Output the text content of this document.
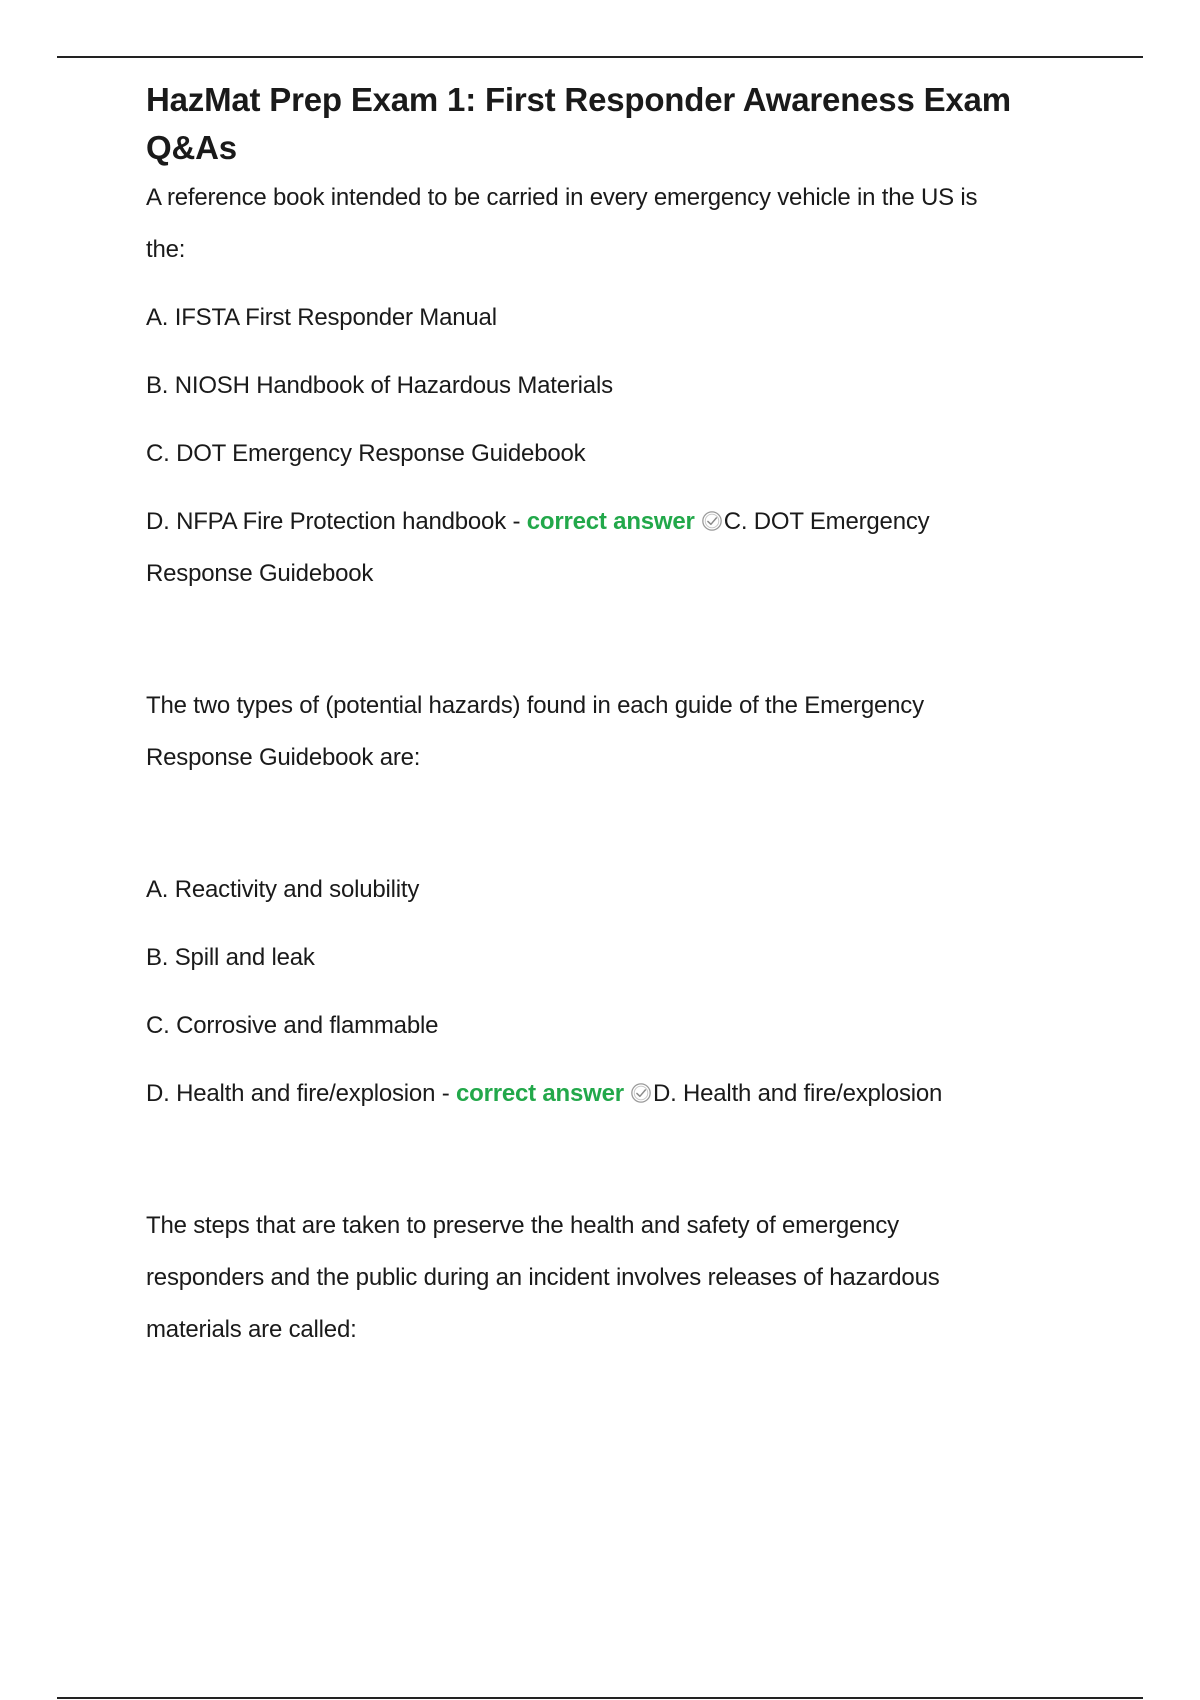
HazMat Prep Exam 1: First Responder Awareness Exam Q&As

A reference book intended to be carried in every emergency vehicle in the US is

the:

A. IFSTA First Responder Manual

B. NIOSH Handbook of Hazardous Materials

C. DOT Emergency Response Guidebook

D. NFPA Fire Protection handbook - correct answer C. DOT Emergency

Response Guidebook

The two types of (potential hazards) found in each guide of the Emergency

Response Guidebook are:

A. Reactivity and solubility

B. Spill and leak

C. Corrosive and flammable

D. Health and fire/explosion - correct answer D. Health and fire/explosion

The steps that are taken to preserve the health and safety of emergency

responders and the public during an incident involves releases of hazardous

materials are called:
